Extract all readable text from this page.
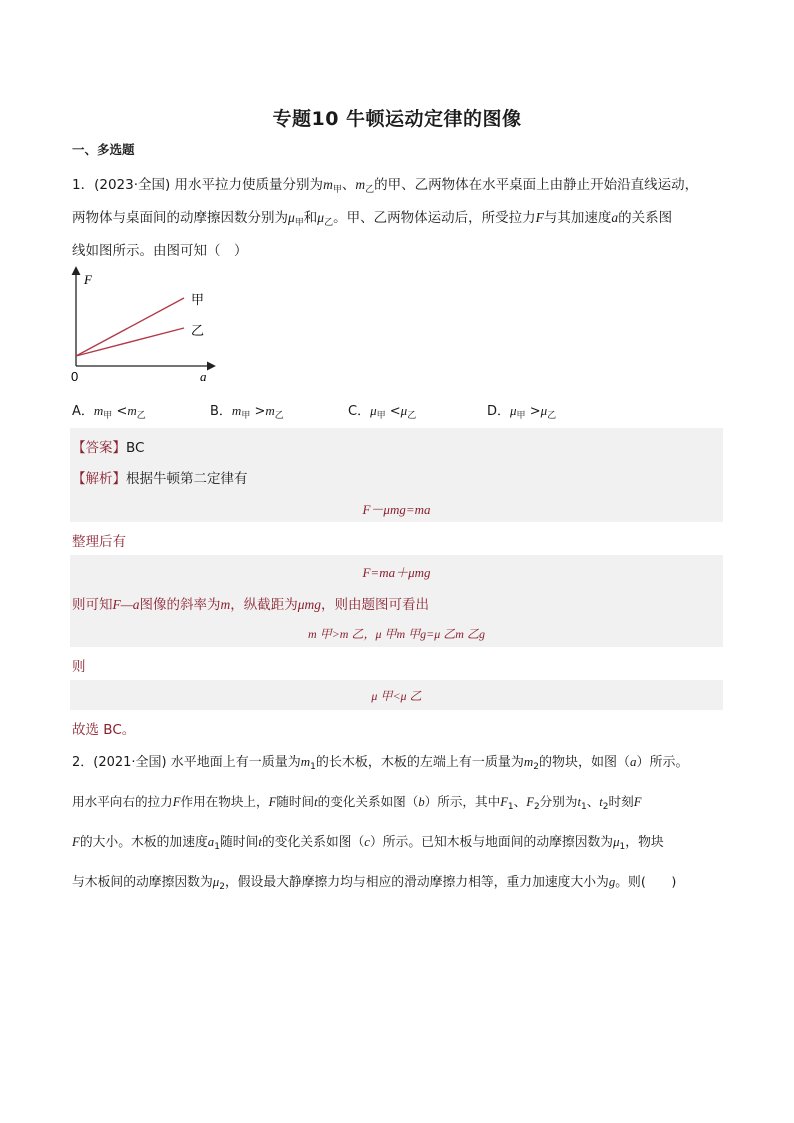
专题10 牛顿运动定律的图像
一、多选题
1．(2023·全国) 用水平拉力使质量分别为$m_甲$、$m_乙$的甲、乙两物体在水平桌面上由静止开始沿直线运动，
两物体与桌面间的动摩擦因数分别为$\mu_甲$和$\mu_乙$。甲、乙两物体运动后，所受拉力F与其加速度a的关系图
线如图所示。由图可知（　）
F
a
0
甲
乙
A．$m_甲 <m_乙$	B．$m_甲 >m_乙$	C．$\mu_甲 <\mu_乙$	D．$\mu_甲 >\mu_乙$
【答案】BC
【解析】根据牛顿第二定律有
F－μmg=ma
整理后有
F=ma＋μmg
则可知F—a图像的斜率为m，纵截距为μmg，则由题图可看出
m 甲>m 乙，μ 甲m 甲g=μ 乙m 乙g
则
μ 甲<μ 乙
故选 BC。
2．(2021·全国) 水平地面上有一质量为$m_1$的长木板，木板的左端上有一质量为$m_2$的物块，如图（a）所示。
用水平向右的拉力F作用在物块上，F随时间t的变化关系如图（b）所示，其中$F_1$、$F_2$分别为$t_1$、$t_2$时刻F
F的大小。木板的加速度$a_1$随时间t的变化关系如图（c）所示。已知木板与地面间的动摩擦因数为$\mu_1$，物块
与木板间的动摩擦因数为$\mu_2$，假设最大静摩擦力均与相应的滑动摩擦力相等，重力加速度大小为g。则(　　)
